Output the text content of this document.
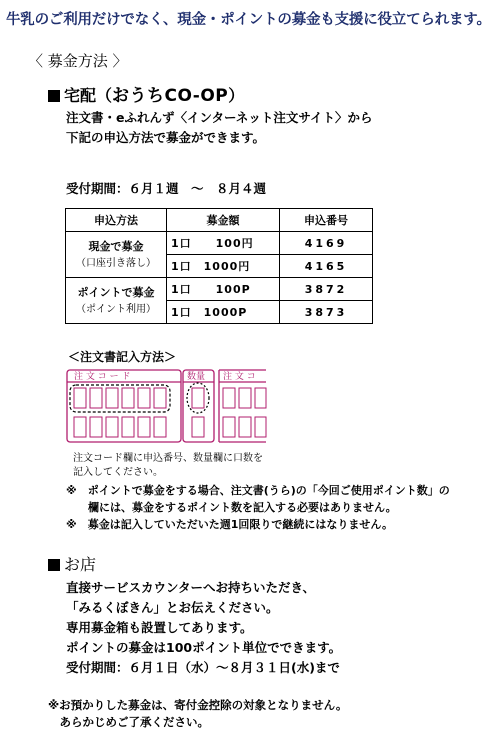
牛乳のご利用だけでなく、現金・ポイントの募金も支援に役立てられます。
〈 募金方法 〉
宅配（おうちCO-OP）
注文書・eふれんず〈インターネット注文サイト〉から
下記の申込方法で募金ができます。
受付期間：６月１週　～　８月４週
申込方法	募金額	申込番号

現金で募金
（口座引き落し）	1口　　100円	4169
	1口　1000円	4165

ポイントで募金
（ポイント利用）	1口　　100P	3872
	1口　1000P	3873
＜注文書記入方法＞
注 文 コ ー ド	数量 注 文 コ
注文コード欄に申込番号、数量欄に口数を
記入してください。
※　ポイントで募金をする場合、注文書(うら)の「今回ご使用ポイント数」の
　　欄には、募金をするポイント数を記入する必要はありません。
※　募金は記入していただいた週1回限りで継続にはなりません。
お店
直接サービスカウンターへお持ちいただき、
「みるくぼきん」とお伝えください。
専用募金箱も設置してあります。
ポイントの募金は100ポイント単位でできます。
受付期間：６月１日（水）～８月３１日(水)まで
※お預かりした募金は、寄付金控除の対象となりません。
　あらかじめご了承ください。
